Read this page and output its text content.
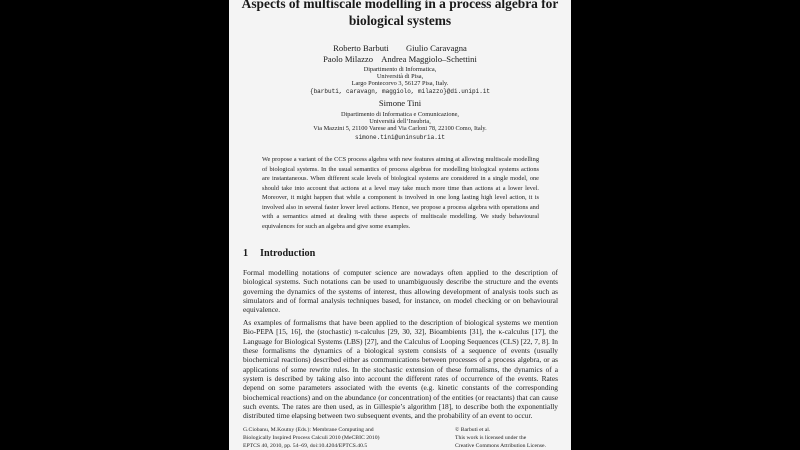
Aspects of multiscale modelling in a process algebra for
biological systems
Roberto Barbuti        Giulio Caravagna
Paolo Milazzo    Andrea Maggiolo–Schettini
Dipartimento di Informatica,
Università di Pisa,
Largo Pontecorvo 3, 56127 Pisa, Italy.
{barbuti, caravagn, maggiolo, milazzo}@di.unipi.it
Simone Tini
Dipartimento di Informatica e Comunicazione,
Università dell’Insubria,
Via Mazzini 5, 21100 Varese and Via Carloni 78, 22100 Como, Italy.
simone.tini@uninsubria.it
We propose a variant of the CCS process algebra with new features aiming at allowing multiscale modelling of biological systems. In the usual semantics of process algebras for modelling biological systems actions are instantaneous. When different scale levels of biological systems are considered in a single model, one should take into account that actions at a level may take much more time than actions at a lower level. Moreover, it might happen that while a component is involved in one long lasting high level action, it is involved also in several faster lower level actions. Hence, we propose a process algebra with operations and with a semantics aimed at dealing with these aspects of multiscale modelling. We study behavioural equivalences for such an algebra and give some examples.
1 Introduction
Formal modelling notations of computer science are nowadays often applied to the description of biological systems. Such notations can be used to unambiguously describe the structure and the events governing the dynamics of the systems of interest, thus allowing development of analysis tools such as simulators and of formal analysis techniques based, for instance, on model checking or on behavioural equivalence.
As examples of formalisms that have been applied to the description of biological systems we mention Bio-PEPA [15, 16], the (stochastic) π-calculus [29, 30, 32], Bioambients [31], the κ-calculus [17], the Language for Biological Systems (LBS) [27], and the Calculus of Looping Sequences (CLS) [22, 7, 8]. In these formalisms the dynamics of a biological system consists of a sequence of events (usually biochemical reactions) described either as communications between processes of a process algebra, or as applications of some rewrite rules. In the stochastic extension of these formalisms, the dynamics of a system is described by taking also into account the different rates of occurrence of the events. Rates depend on some parameters associated with the events (e.g. kinetic constants of the corresponding biochemical reactions) and on the abundance (or concentration) of the entities (or reactants) that can cause such events. The rates are then used, as in Gillespie’s algorithm [18], to describe both the exponentially distributed time elapsing between two subsequent events, and the probability of an event to occur.
G.Ciobanu, M.Koutny (Eds.): Membrane Computing and
Biologically Inspired Process Calculi 2010 (MeCBIC 2010)
EPTCS 40, 2010, pp. 54–69, doi:10.4204/EPTCS.40.5
© Barbuti et al.
This work is licensed under the
Creative Commons Attribution License.
